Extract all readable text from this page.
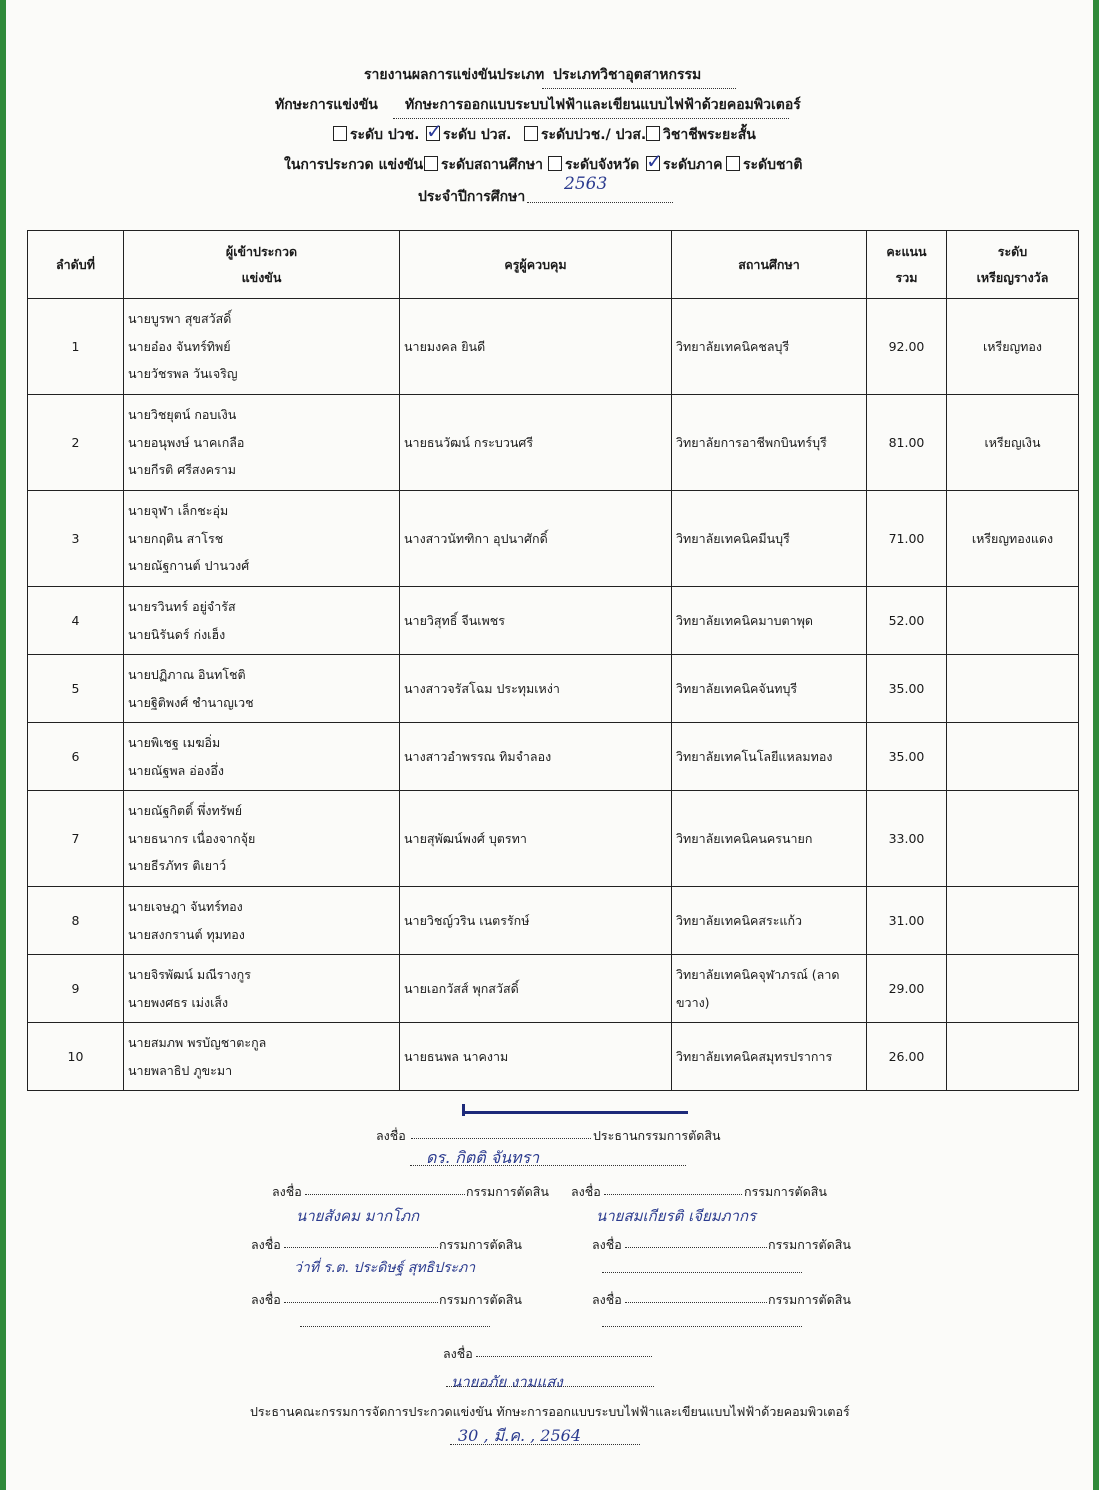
รายงานผลการแข่งขันประเภท ประเภทวิชาอุตสาหกรรม
ทักษะการแข่งขัน ทักษะการออกแบบระบบไฟฟ้าและเขียนแบบไฟฟ้าด้วยคอมพิวเตอร์
ระดับ ปวช. ✓ ระดับ ปวส.	ระดับปวช./ ปวส.	วิชาชีพระยะสั้น
ในการประกวด แข่งขัน	ระดับสถานศึกษา	ระดับจังหวัด ✓ ระดับภาค	ระดับชาติ
ประจำปีการศึกษา
2563
ลำดับที่	ผู้เข้าประกวด
แข่งขัน	ครูผู้ควบคุม	สถานศึกษา	คะแนน
รวม	ระดับ
เหรียญรางวัล
1	นายบูรพา สุขสวัสดิ์
นายอ๋อง จันทร์ทิพย์
นายวัชรพล วันเจริญ	นายมงคล ยินดี	วิทยาลัยเทคนิคชลบุรี	92.00	เหรียญทอง
2	นายวิชยุตน์ กอบเงิน
นายอนุพงษ์ นาคเกลือ
นายกีรติ ศรีสงคราม	นายธนวัฒน์ กระบวนศรี	วิทยาลัยการอาชีพกบินทร์บุรี	81.00	เหรียญเงิน
3	นายจุฬา เล็กชะอุ่ม
นายกฤติน สาโรช
นายณัฐกานต์ ปานวงศ์	นางสาวนัทฑิกา อุปนาศักดิ์	วิทยาลัยเทคนิคมีนบุรี	71.00	เหรียญทองแดง
4	นายรวินทร์ อยู่จำรัส
นายนิรันดร์ ก่งเฮ็ง	นายวิสุทธิ์ จีนเพชร	วิทยาลัยเทคนิคมาบตาพุด	52.00	
5	นายปฏิภาณ อินทโชติ
นายฐิติพงศ์ ชำนาญเวช	นางสาวจรัสโฉม ประทุมเหง่า	วิทยาลัยเทคนิคจันทบุรี	35.00	
6	นายพิเชฐ เมฆอิ่ม
นายณัฐพล อ่องอึ่ง	นางสาวอำพรรณ ทิมจำลอง	วิทยาลัยเทคโนโลยีแหลมทอง	35.00	
7	นายณัฐกิตติ์ พึ่งทรัพย์
นายธนากร เนื่องจากจุ้ย
นายธีรภัทร ติเยาว์	นายสุพัฒน์พงศ์ บุตรทา	วิทยาลัยเทคนิคนครนายก	33.00	
8	นายเจษฎา จันทร์ทอง
นายสงกรานต์ ทุมทอง	นายวิชญ์วริน เนตรรักษ์	วิทยาลัยเทคนิคสระแก้ว	31.00	
9	นายจิรพัฒน์ มณีรางกูร
นายพงศธร เม่งเส็ง	นายเอกวัสส์ พุกสวัสดิ์	วิทยาลัยเทคนิคจุฬาภรณ์ (ลาดขวาง)	29.00	
10	นายสมภพ พรบัญชาตะกูล
นายพลาธิป ภูขะมา	นายธนพล นาคงาม	วิทยาลัยเทคนิคสมุทรปราการ	26.00	
ลงชื่อ	ประธานกรรมการตัดสิน
ดร. กิตติ จันทรา
ลงชื่อ	กรรมการตัดสิน
นายสังคม มากโภก
ลงชื่อ	กรรมการตัดสิน
นายสมเกียรติ เจียมภากร
ลงชื่อ	กรรมการตัดสิน
ว่าที่ ร.ต. ประดิษฐ์ สุทธิประภา
ลงชื่อ	กรรมการตัดสิน
ลงชื่อ	กรรมการตัดสิน	ลงชื่อ	กรรมการตัดสิน
ลงชื่อ
นายอภัย งามแสง
ประธานคณะกรรมการจัดการประกวดแข่งขัน ทักษะการออกแบบระบบไฟฟ้าและเขียนแบบไฟฟ้าด้วยคอมพิวเตอร์
30 , มี.ค. , 2564
